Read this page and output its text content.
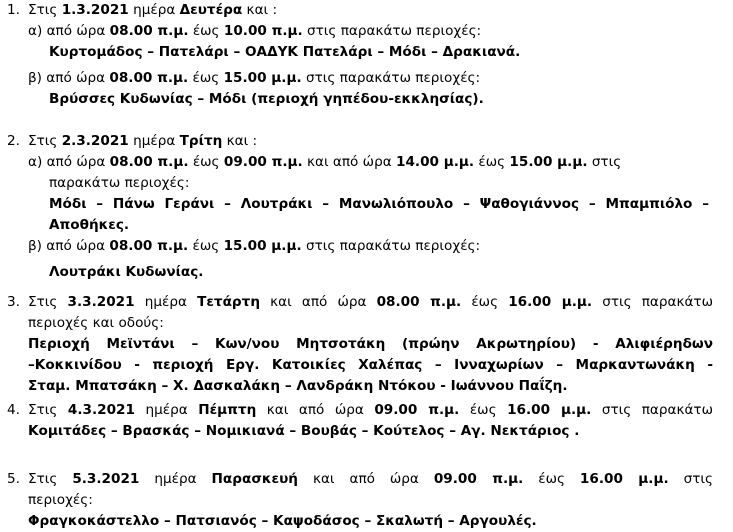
1. Στις 1.3.2021 ημέρα Δευτέρα και :
α) από ώρα 08.00 π.μ. έως 10.00 π.μ. στις παρακάτω περιοχές:
Κυρτομάδος – Πατελάρι – ΟΑΔΥΚ Πατελάρι – Μόδι – Δρακιανά.
β) από ώρα 08.00 π.μ. έως 15.00 μ.μ. στις παρακάτω περιοχές:
Βρύσσες Κυδωνίας – Μόδι (περιοχή γηπέδου-εκκλησίας).
2. Στις 2.3.2021 ημέρα Τρίτη και :
α) από ώρα 08.00 π.μ. έως 09.00 π.μ. και από ώρα 14.00 μ.μ. έως 15.00 μ.μ. στις
παρακάτω περιοχές:
Μόδι – Πάνω Γεράνι – Λουτράκι – Μανωλιόπουλο – Ψαθογιάννος – Μπαμπιόλο –
Αποθήκες.
β) από ώρα 08.00 π.μ. έως 15.00 μ.μ. στις παρακάτω περιοχές:
Λουτράκι Κυδωνίας.
3. Στις 3.3.2021 ημέρα Τετάρτη και από ώρα 08.00 π.μ. έως 16.00 μ.μ. στις παρακάτω
περιοχές και οδούς:
Περιοχή Μεϊντάνι – Κων/νου Μητσοτάκη (πρώην Ακρωτηρίου) - Αλιφιέρηδων
–Κοκκινίδου - περιοχή Εργ. Κατοικίες Χαλέπας – Ινναχωρίων – Μαρκαντωνάκη -
Σταμ. Μπατσάκη – Χ. Δασκαλάκη – Λανδράκη Ντόκου - Ιωάννου Παΐζη.
4. Στις 4.3.2021 ημέρα Πέμπτη και από ώρα 09.00 π.μ. έως 16.00 μ.μ. στις παρακάτω
Κομιτάδες – Βρασκάς – Νομικιανά – Βουβάς – Κούτελος – Αγ. Νεκτάριος .
5. Στις 5.3.2021 ημέρα Παρασκευή και από ώρα 09.00 π.μ. έως 16.00 μ.μ. στις
περιοχές:
Φραγκοκάστελλο – Πατσιανός – Καψοδάσος – Σκαλωτή – Αργουλές.
